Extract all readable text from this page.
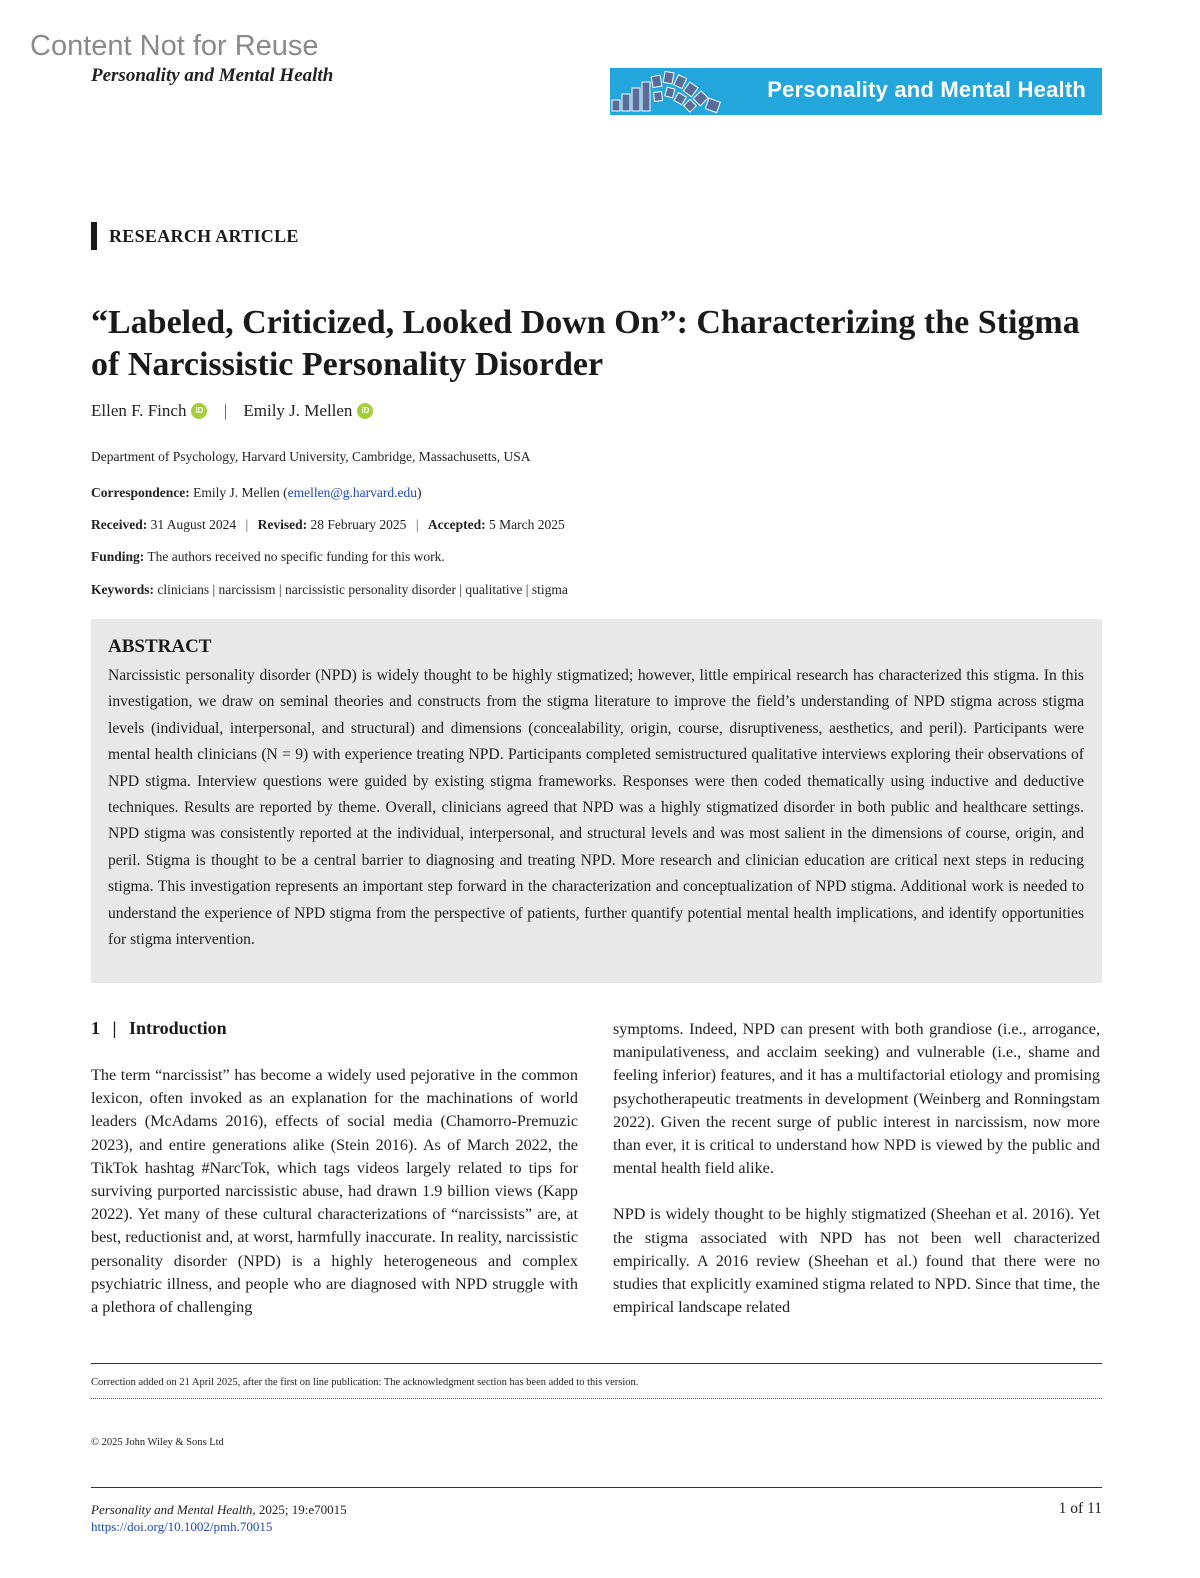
Content Not for Reuse
Personality and Mental Health
Personality and Mental Health
RESEARCH ARTICLE
“Labeled, Criticized, Looked Down On”: Characterizing the Stigma of Narcissistic Personality Disorder
Ellen F. Finch	iD | Emily J. Mellen	iD
Department of Psychology, Harvard University, Cambridge, Massachusetts, USA
Correspondence: Emily J. Mellen (emellen@g.harvard.edu)
Received: 31 August 2024 | Revised: 28 February 2025 | Accepted: 5 March 2025
Funding: The authors received no specific funding for this work.
Keywords: clinicians | narcissism | narcissistic personality disorder | qualitative | stigma
ABSTRACT

Narcissistic personality disorder (NPD) is widely thought to be highly stigmatized; however, little empirical research has characterized this stigma. In this investigation, we draw on seminal theories and constructs from the stigma literature to improve the field’s understanding of NPD stigma across stigma levels (individual, interpersonal, and structural) and dimensions (concealability, origin, course, disruptiveness, aesthetics, and peril). Participants were mental health clinicians (N = 9) with experience treating NPD. Participants completed semistructured qualitative interviews exploring their observations of NPD stigma. Interview questions were guided by existing stigma frameworks. Responses were then coded thematically using inductive and deductive techniques. Results are reported by theme. Overall, clinicians agreed that NPD was a highly stigmatized disorder in both public and healthcare settings. NPD stigma was consistently reported at the individual, interpersonal, and structural levels and was most salient in the dimensions of course, origin, and peril. Stigma is thought to be a central barrier to diagnosing and treating NPD. More research and clinician education are critical next steps in reducing stigma. This investigation represents an important step forward in the characterization and conceptualization of NPD stigma. Additional work is needed to understand the experience of NPD stigma from the perspective of patients, further quantify potential mental health implications, and identify opportunities for stigma intervention.

1 | Introduction

The term “narcissist” has become a widely used pejorative in the common lexicon, often invoked as an explanation for the machinations of world leaders (McAdams 2016), effects of social media (Chamorro-Premuzic 2023), and entire generations alike (Stein 2016). As of March 2022, the TikTok hashtag #NarcTok, which tags videos largely related to tips for surviving purported narcissistic abuse, had drawn 1.9 billion views (Kapp 2022). Yet many of these cultural characterizations of “narcissists” are, at best, reductionist and, at worst, harmfully inaccurate. In reality, narcissistic personality disorder (NPD) is a highly heterogeneous and complex psychiatric illness, and people who are diagnosed with NPD struggle with a plethora of challenging

symptoms. Indeed, NPD can present with both grandiose (i.e., arrogance, manipulativeness, and acclaim seeking) and vulnerable (i.e., shame and feeling inferior) features, and it has a multifactorial etiology and promising psychotherapeutic treatments in development (Weinberg and Ronningstam 2022). Given the recent surge of public interest in narcissism, now more than ever, it is critical to understand how NPD is viewed by the public and mental health field alike.

NPD is widely thought to be highly stigmatized (Sheehan et al. 2016). Yet the stigma associated with NPD has not been well characterized empirically. A 2016 review (Sheehan et al.) found that there were no studies that explicitly examined stigma related to NPD. Since that time, the empirical landscape related

Correction added on 21 April 2025, after the first on line publication: The acknowledgment section has been added to this version.
© 2025 John Wiley & Sons Ltd
Personality and Mental Health, 2025; 19:e70015
https://doi.org/10.1002/pmh.70015
1 of 11
